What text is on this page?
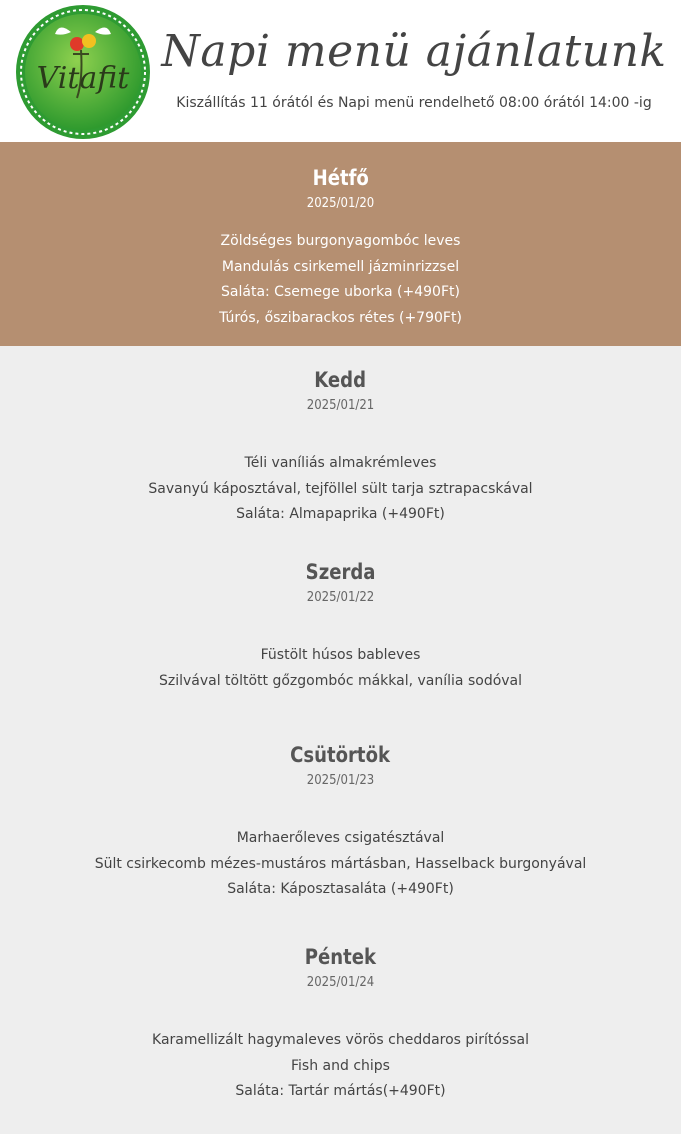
Vitafit
Napi menü ajánlatunk
Kiszállítás 11 órától és Napi menü rendelhető 08:00 órától 14:00 -ig
Hétfő
2025/01/20
Zöldséges burgonyagombóc leves
Mandulás csirkemell jázminrizzsel
Saláta: Csemege uborka (+490Ft)
Túrós, őszibarackos rétes (+790Ft)
Kedd
2025/01/21
Téli vaníliás almakrémleves
Savanyú káposztával, tejföllel sült tarja sztrapacskával
Saláta: Almapaprika (+490Ft)
Szerda
2025/01/22
Füstölt húsos bableves
Szilvával töltött gőzgombóc mákkal, vanília sodóval
Csütörtök
2025/01/23
Marhaerőleves csigatésztával
Sült csirkecomb mézes-mustáros mártásban, Hasselback burgonyával
Saláta: Káposztasaláta (+490Ft)
Péntek
2025/01/24
Karamellizált hagymaleves vörös cheddaros pirítóssal
Fish and chips
Saláta: Tartár mártás(+490Ft)
